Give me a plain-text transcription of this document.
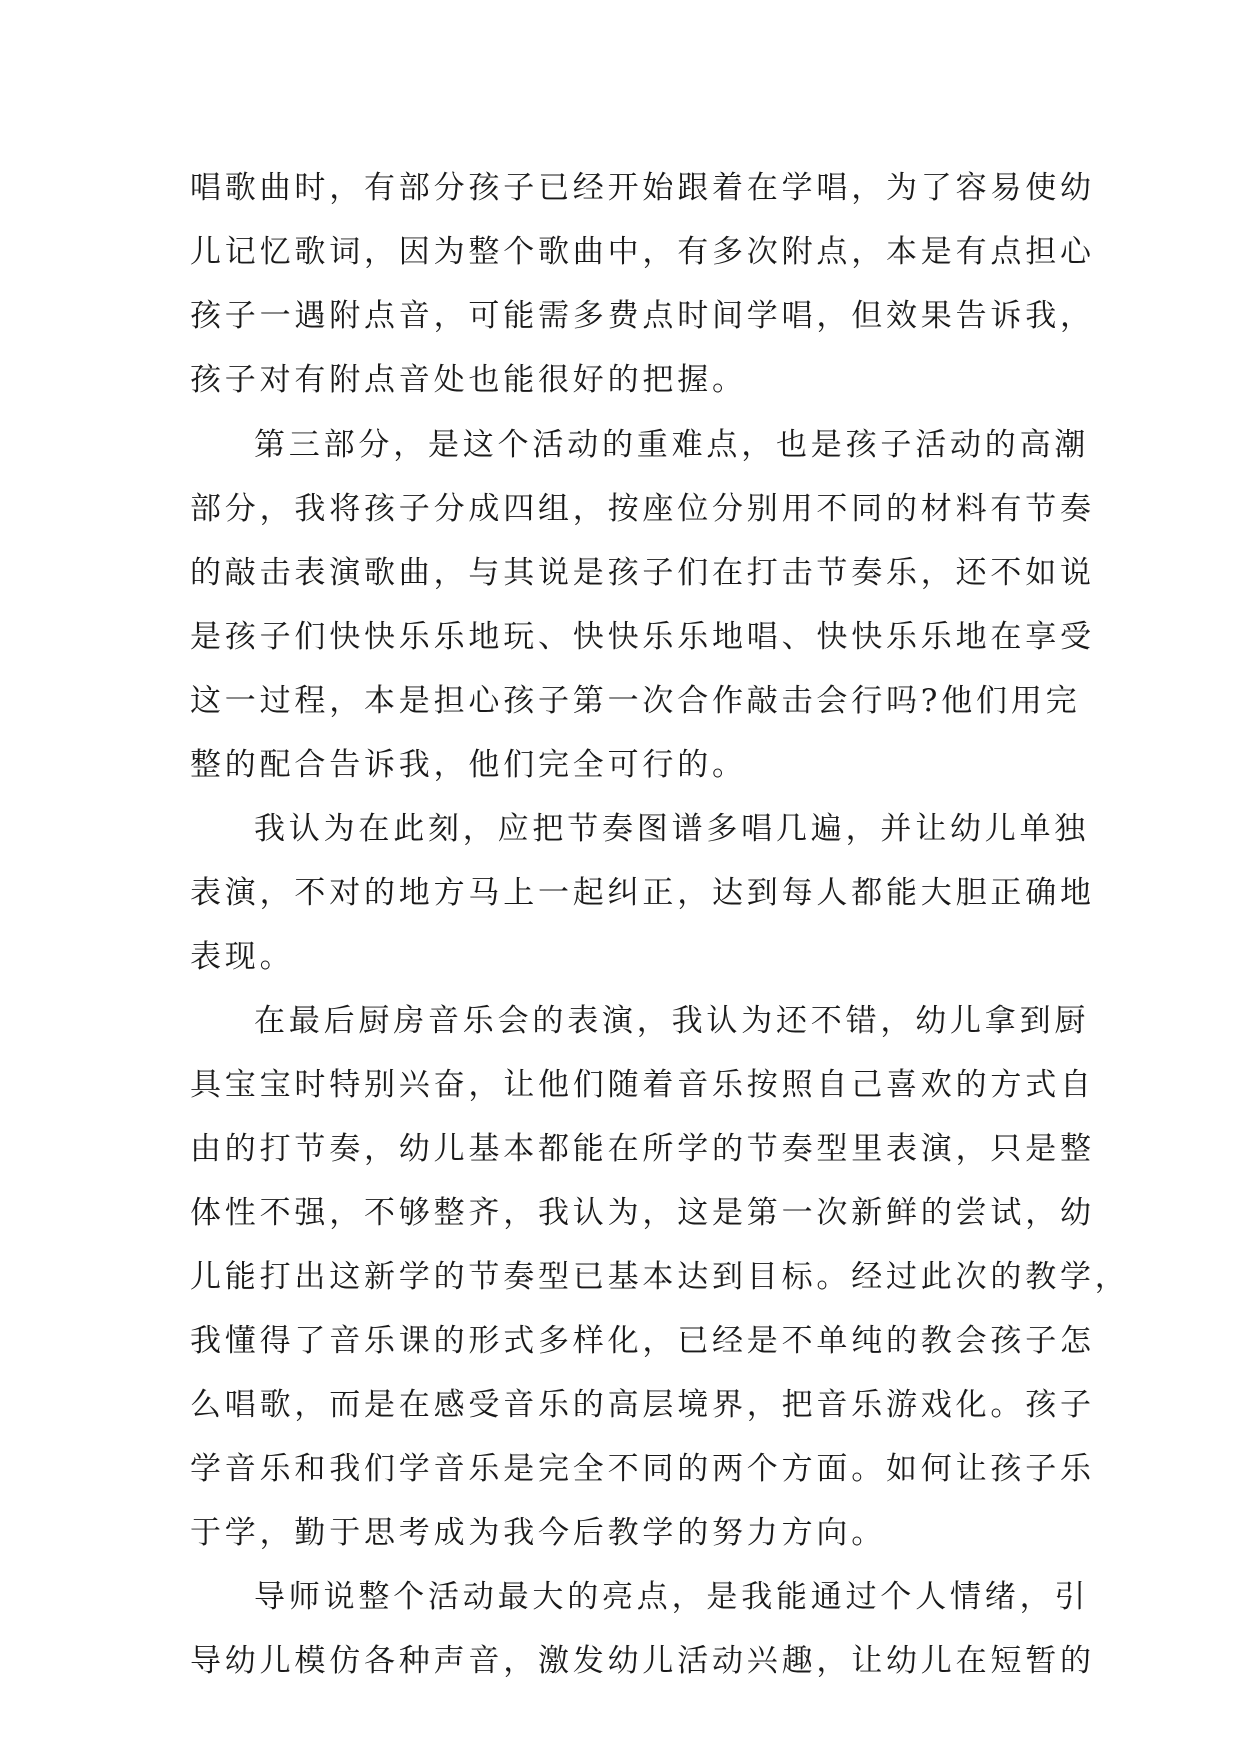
唱歌曲时，有部分孩子已经开始跟着在学唱，为了容易使幼

儿记忆歌词，因为整个歌曲中，有多次附点，本是有点担心

孩子一遇附点音，可能需多费点时间学唱，但效果告诉我，

孩子对有附点音处也能很好的把握。

第三部分，是这个活动的重难点，也是孩子活动的高潮

部分，我将孩子分成四组，按座位分别用不同的材料有节奏

的敲击表演歌曲，与其说是孩子们在打击节奏乐，还不如说

是孩子们快快乐乐地玩、快快乐乐地唱、快快乐乐地在享受

这一过程，本是担心孩子第一次合作敲击会行吗?他们用完

整的配合告诉我，他们完全可行的。

我认为在此刻，应把节奏图谱多唱几遍，并让幼儿单独

表演，不对的地方马上一起纠正，达到每人都能大胆正确地

表现。

在最后厨房音乐会的表演，我认为还不错，幼儿拿到厨

具宝宝时特别兴奋，让他们随着音乐按照自己喜欢的方式自

由的打节奏，幼儿基本都能在所学的节奏型里表演，只是整

体性不强，不够整齐，我认为，这是第一次新鲜的尝试，幼

儿能打出这新学的节奏型已基本达到目标。经过此次的教学，

我懂得了音乐课的形式多样化，已经是不单纯的教会孩子怎

么唱歌，而是在感受音乐的高层境界，把音乐游戏化。孩子

学音乐和我们学音乐是完全不同的两个方面。如何让孩子乐

于学，勤于思考成为我今后教学的努力方向。

导师说整个活动最大的亮点，是我能通过个人情绪，引

导幼儿模仿各种声音，激发幼儿活动兴趣，让幼儿在短暂的
